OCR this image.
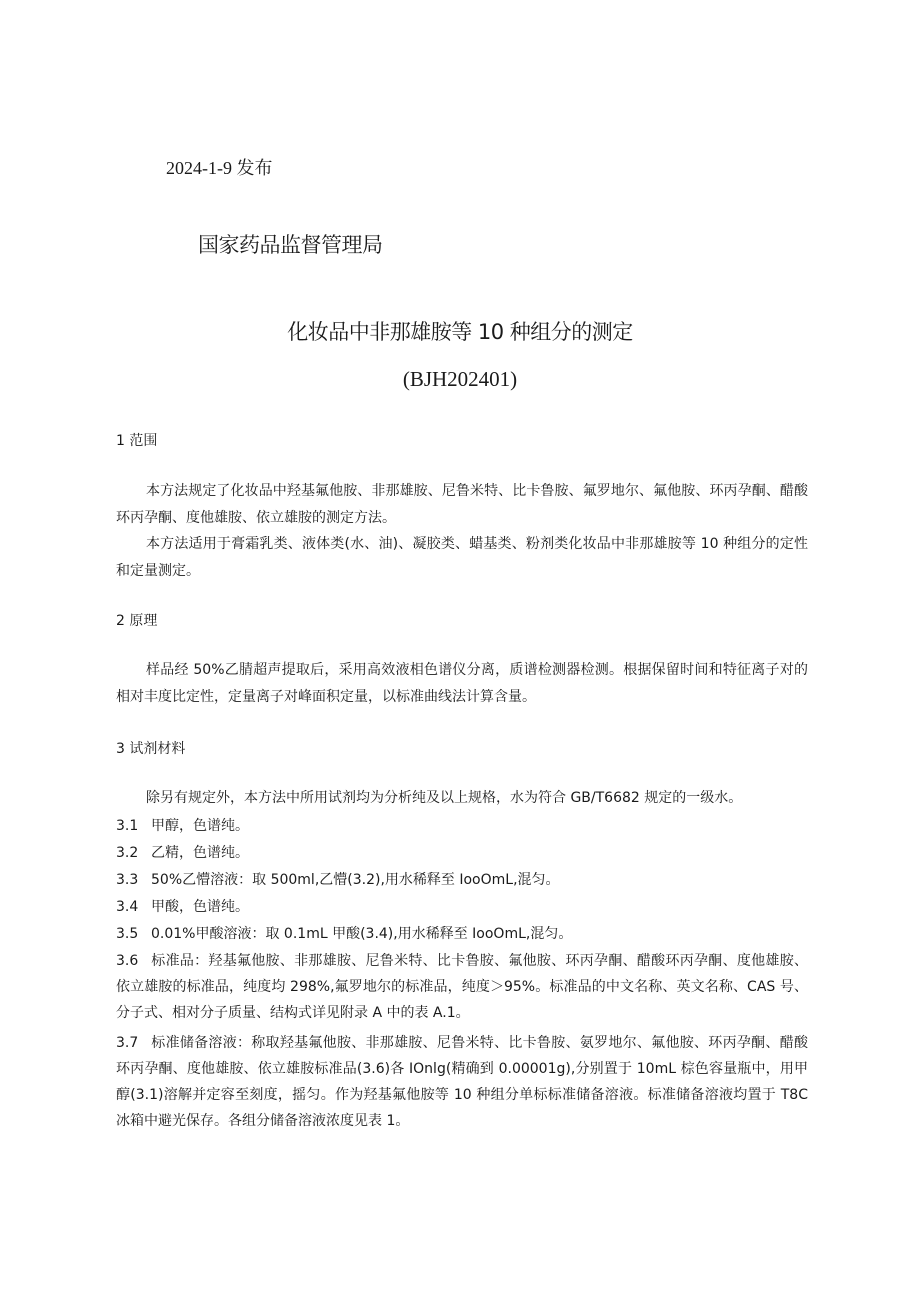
2024-1-9 发布
国家药品监督管理局
化妆品中非那雄胺等 10 种组分的测定
(BJH202401)
1 范围
本方法规定了化妆品中羟基氟他胺、非那雄胺、尼鲁米特、比卡鲁胺、氟罗地尔、氟他胺、环丙孕酮、醋酸环丙孕酮、度他雄胺、依立雄胺的测定方法。
本方法适用于膏霜乳类、液体类(水、油)、凝胶类、蜡基类、粉剂类化妆品中非那雄胺等 10 种组分的定性和定量测定。
2 原理
样品经 50%乙腈超声提取后，采用高效液相色谱仪分离，质谱检测器检测。根据保留时间和特征离子对的相对丰度比定性，定量离子对峰面积定量，以标准曲线法计算含量。
3 试剂材料
除另有规定外，本方法中所用试剂均为分析纯及以上规格，水为符合 GB/T6682 规定的一级水。
3.1 甲醇，色谱纯。
3.2 乙精，色谱纯。
3.3 50%乙懵溶液：取 500ml,乙懵(3.2),用水稀释至 IooOmL,混匀。
3.4 甲酸，色谱纯。
3.5 0.01%甲酸溶液：取 0.1mL 甲酸(3.4),用水稀释至 IooOmL,混匀。
3.6 标准品：羟基氟他胺、非那雄胺、尼鲁米特、比卡鲁胺、氟他胺、环丙孕酮、醋酸环丙孕酮、度他雄胺、依立雄胺的标准品，纯度均 298%,氟罗地尔的标准品，纯度＞95%。标准品的中文名称、英文名称、CAS 号、分子式、相对分子质量、结构式详见附录 A 中的表 A.1。
3.7 标准储备溶液：称取羟基氟他胺、非那雄胺、尼鲁米特、比卡鲁胺、氨罗地尔、氟他胺、环丙孕酮、醋酸环丙孕酮、度他雄胺、依立雄胺标准品(3.6)各 IOnlg(精确到 0.00001g),分别置于 10mL 棕色容量瓶中，用甲醇(3.1)溶解并定容至刻度，摇匀。作为羟基氟他胺等 10 种组分单标标准储备溶液。标准储备溶液均置于 T8C 冰箱中避光保存。各组分储备溶液浓度见表 1。
